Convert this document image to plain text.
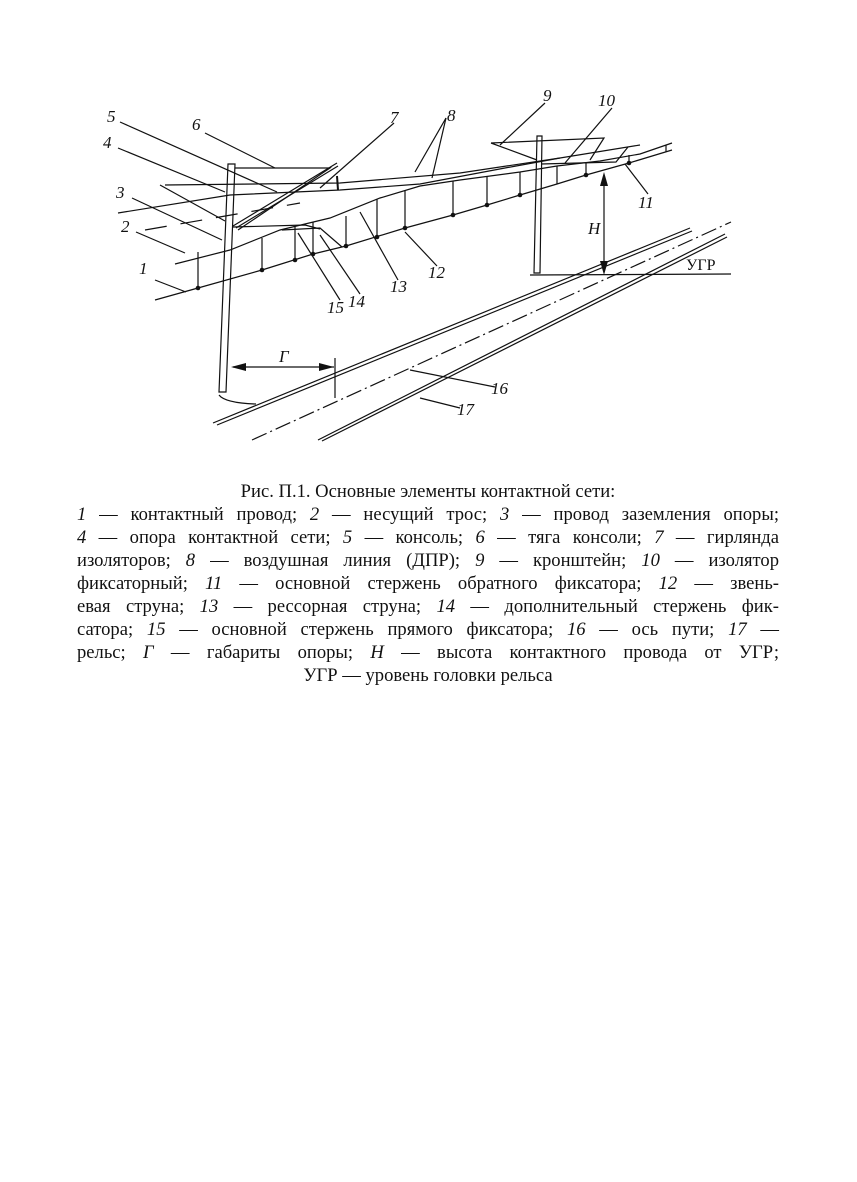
1
2
3
4
5	6	7	8
9	10
11
12
13
14
15
16
17
H
Г
УГР
Рис. П.1. Основные элементы контактной сети:
1 — контактный провод; 2 — несущий трос; 3 — провод заземления опоры;
4 — опора контактной сети; 5 — консоль; 6 — тяга консоли; 7 — гирлянда
изоляторов; 8 — воздушная линия (ДПР); 9 — кронштейн; 10 — изолятор
фиксаторный; 11 — основной стержень обратного фиксатора; 12 — звень-
евая струна; 13 — рессорная струна; 14 — дополнительный стержень фик-
сатора; 15 — основной стержень прямого фиксатора; 16 — ось пути; 17 —
рельс; Г — габариты опоры; H — высота контактного провода от УГР;
УГР — уровень головки рельса
